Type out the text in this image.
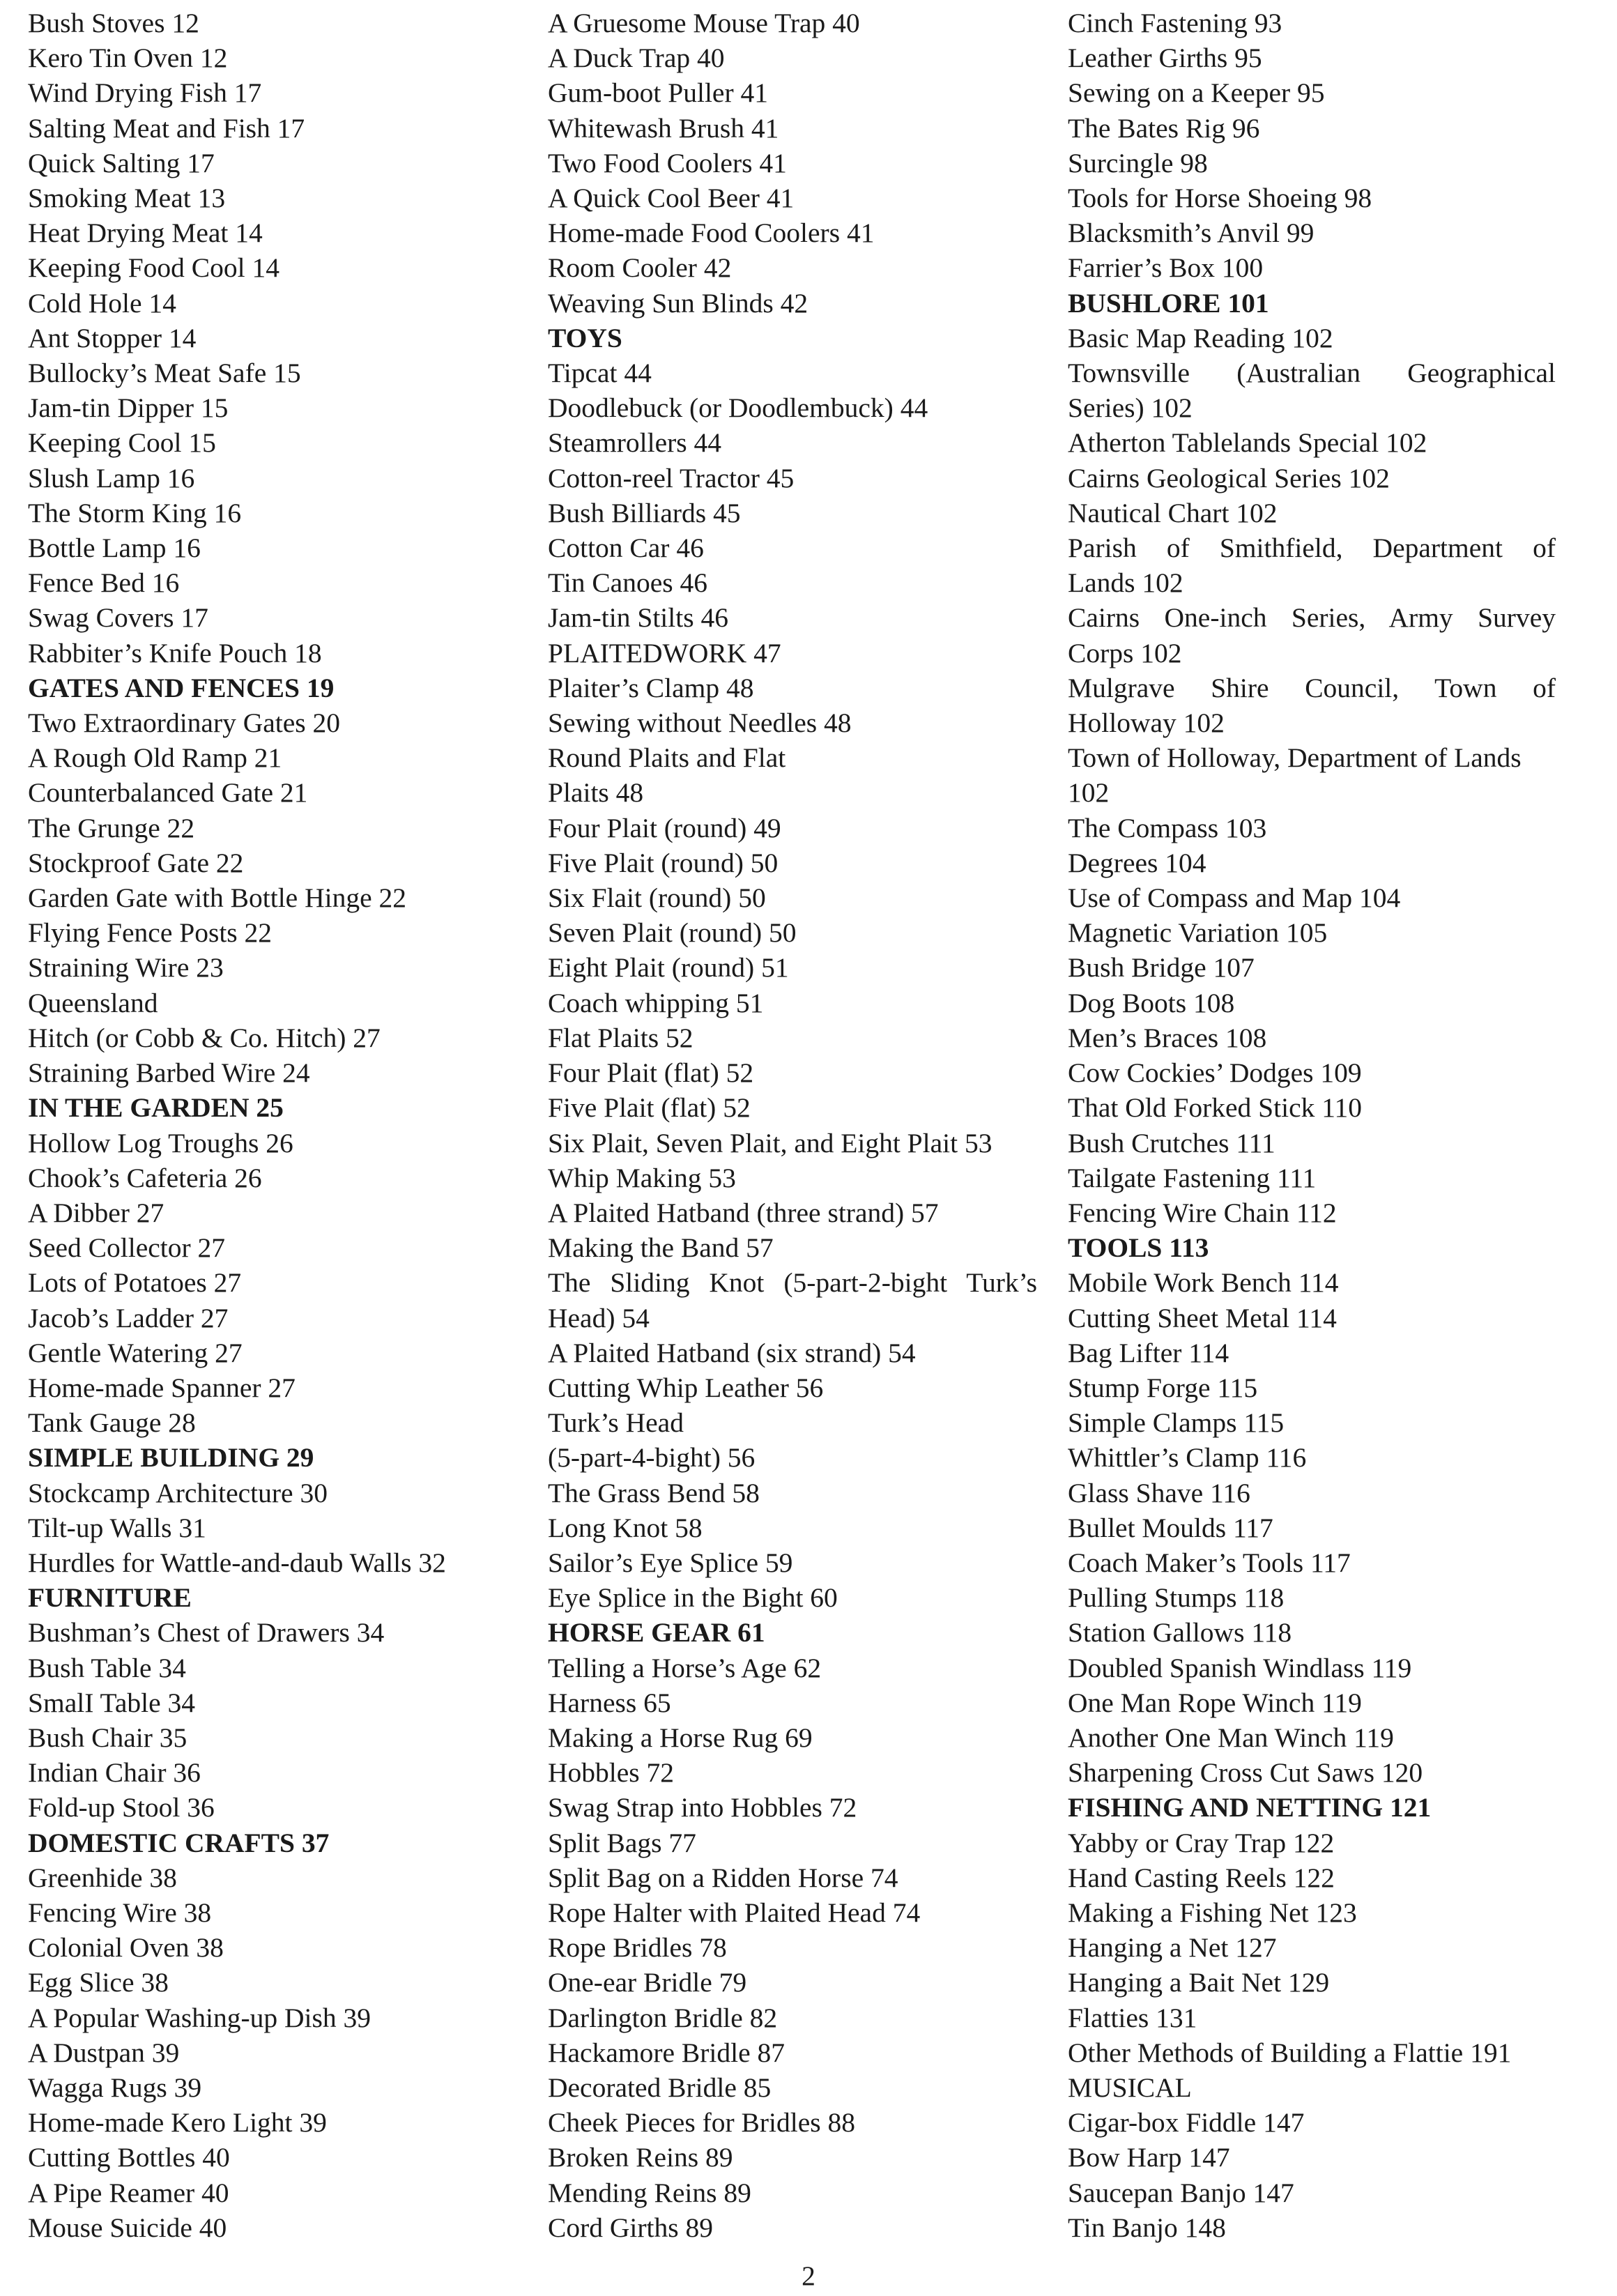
Bush Stoves 12
Kero Tin Oven 12
Wind Drying Fish 17
Salting Meat and Fish 17
Quick Salting 17
Smoking Meat 13
Heat Drying Meat 14
Keeping Food Cool 14
Cold Hole 14
Ant Stopper 14
Bullocky’s Meat Safe 15
Jam-tin Dipper 15
Keeping Cool 15
Slush Lamp 16
The Storm King 16
Bottle Lamp 16
Fence Bed 16
Swag Covers 17
Rabbiter’s Knife Pouch 18
GATES AND FENCES 19
Two Extraordinary Gates 20
A Rough Old Ramp 21
Counterbalanced Gate 21
The Grunge 22
Stockproof Gate 22
Garden Gate with Bottle Hinge 22
Flying Fence Posts 22
Straining Wire 23
Queensland
Hitch (or Cobb & Co. Hitch) 27
Straining Barbed Wire 24
IN THE GARDEN 25
Hollow Log Troughs 26
Chook’s Cafeteria 26
A Dibber 27
Seed Collector 27
Lots of Potatoes 27
Jacob’s Ladder 27
Gentle Watering 27
Home-made Spanner 27
Tank Gauge 28
SIMPLE BUILDING 29
Stockcamp Architecture 30
Tilt-up Walls 31
Hurdles for Wattle-and-daub Walls 32
FURNITURE
Bushman’s Chest of Drawers 34
Bush Table 34
SmalI Table 34
Bush Chair 35
Indian Chair 36
Fold-up Stool 36
DOMESTIC CRAFTS 37
Greenhide 38
Fencing Wire 38
Colonial Oven 38
Egg Slice 38
A Popular Washing-up Dish 39
A Dustpan 39
Wagga Rugs 39
Home-made Kero Light 39
Cutting Bottles 40
A Pipe Reamer 40
Mouse Suicide 40
A Gruesome Mouse Trap 40
A Duck Trap 40
Gum-boot Puller 41
Whitewash Brush 41
Two Food Coolers 41
A Quick Cool Beer 41
Home-made Food Coolers 41
Room Cooler 42
Weaving Sun Blinds 42
TOYS
Tipcat 44
Doodlebuck (or Doodlembuck) 44
Steamrollers 44
Cotton-reel Tractor 45
Bush Billiards 45
Cotton Car 46
Tin Canoes 46
Jam-tin Stilts 46
PLAITEDWORK 47
Plaiter’s Clamp 48
Sewing without Needles 48
Round Plaits and Flat
Plaits 48
Four Plait (round) 49
Five Plait (round) 50
Six Flait (round) 50
Seven Plait (round) 50
Eight Plait (round) 51
Coach whipping 51
Flat Plaits 52
Four Plait (flat) 52
Five Plait (flat) 52
Six Plait, Seven Plait, and Eight Plait 53
Whip Making 53
A Plaited Hatband (three strand) 57
Making the Band 57
The Sliding Knot (5-part-2-bight Turk’s
Head) 54
A Plaited Hatband (six strand) 54
Cutting Whip Leather 56
Turk’s Head
(5-part-4-bight) 56
The Grass Bend 58
Long Knot 58
Sailor’s Eye Splice 59
Eye Splice in the Bight 60
HORSE GEAR 61
Telling a Horse’s Age 62
Harness 65
Making a Horse Rug 69
Hobbles 72
Swag Strap into Hobbles 72
Split Bags 77
Split Bag on a Ridden Horse 74
Rope Halter with Plaited Head 74
Rope Bridles 78
One-ear Bridle 79
Darlington Bridle 82
Hackamore Bridle 87
Decorated Bridle 85
Cheek Pieces for Bridles 88
Broken Reins 89
Mending Reins 89
Cord Girths 89
Cinch Fastening 93
Leather Girths 95
Sewing on a Keeper 95
The Bates Rig 96
Surcingle 98
Tools for Horse Shoeing 98
Blacksmith’s Anvil 99
Farrier’s Box 100
BUSHLORE 101
Basic Map Reading 102
Townsville (Australian Geographical
Series) 102
Atherton Tablelands Special 102
Cairns Geological Series 102
Nautical Chart 102
Parish of Smithfield, Department of
Lands 102
Cairns One-inch Series, Army Survey
Corps 102
Mulgrave Shire Council, Town of
Holloway 102
Town of Holloway, Department of Lands
102
The Compass 103
Degrees 104
Use of Compass and Map 104
Magnetic Variation 105
Bush Bridge 107
Dog Boots 108
Men’s Braces 108
Cow Cockies’ Dodges 109
That Old Forked Stick 110
Bush Crutches 111
Tailgate Fastening 111
Fencing Wire Chain 112
TOOLS 113
Mobile Work Bench 114
Cutting Sheet Metal 114
Bag Lifter 114
Stump Forge 115
Simple Clamps 115
Whittler’s Clamp 116
Glass Shave 116
Bullet Moulds 117
Coach Maker’s Tools 117
Pulling Stumps 118
Station Gallows 118
Doubled Spanish Windlass 119
One Man Rope Winch 119
Another One Man Winch 119
Sharpening Cross Cut Saws 120
FISHING AND NETTING 121
Yabby or Cray Trap 122
Hand Casting Reels 122
Making a Fishing Net 123
Hanging a Net 127
Hanging a Bait Net 129
Flatties 131
Other Methods of Building a Flattie 191
MUSICAL
Cigar-box Fiddle 147
Bow Harp 147
Saucepan Banjo 147
Tin Banjo 148
2
